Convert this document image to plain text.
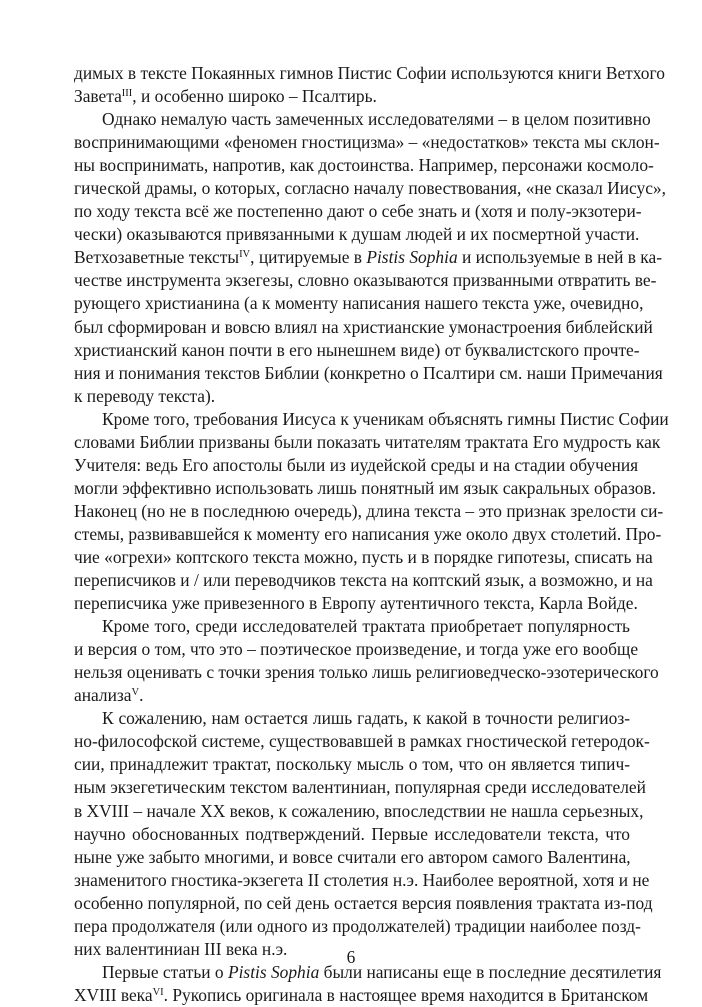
димых в тексте Покаянных гимнов Пистис Софии используются книги Ветхого
Завета$^{III}$, и особенно широко – Псалтирь.
Однако немалую часть замеченных исследователями – в целом позитивно
воспринимающими «феномен гностицизма» – «недостатков» текста мы склон-
ны воспринимать, напротив, как достоинства. Например, персонажи космоло-
гической драмы, о которых, согласно началу повествования, «не сказал Иисус»,
по ходу текста всё же постепенно дают о себе знать и (хотя и полу-экзотери-
чески) оказываются привязанными к душам людей и их посмертной участи.
Ветхозаветные тексты$^{IV}$, цитируемые в Pistis Sophia и используемые в ней в ка-
честве инструмента экзегезы, словно оказываются призванными отвратить ве-
рующего христианина (а к моменту написания нашего текста уже, очевидно,
был сформирован и вовсю влиял на христианские умонастроения библейский
христианский канон почти в его нынешнем виде) от буквалистского прочте-
ния и понимания текстов Библии (конкретно о Псалтири см. наши Примечания
к переводу текста).
Кроме того, требования Иисуса к ученикам объяснять гимны Пистис Софии
словами Библии призваны были показать читателям трактата Его мудрость как
Учителя: ведь Его апостолы были из иудейской среды и на стадии обучения
могли эффективно использовать лишь понятный им язык сакральных образов.
Наконец (но не в последнюю очередь), длина текста – это признак зрелости си-
стемы, развивавшейся к моменту его написания уже около двух столетий. Про-
чие «огрехи» коптского текста можно, пусть и в порядке гипотезы, списать на
переписчиков и / или переводчиков текста на коптский язык, а возможно, и на
переписчика уже привезенного в Европу аутентичного текста, Карла Войде.
Кроме того, среди исследователей трактата приобретает популярность
и версия о том, что это – поэтическое произведение, и тогда уже его вообще
нельзя оценивать с точки зрения только лишь религиоведческо-эзотерического
анализа$^V$.
К сожалению, нам остается лишь гадать, к какой в точности религиоз-
но-философской системе, существовавшей в рамках гностической гетеродок-
сии, принадлежит трактат, поскольку мысль о том, что он является типич-
ным экзегетическим текстом валентиниан, популярная среди исследователей
в XVIII – начале XX веков, к сожалению, впоследствии не нашла серьезных,
научно обоснованных подтверждений. Первые исследователи текста, что
ныне уже забыто многими, и вовсе считали его автором самого Валентина,
знаменитого гностика-экзегета II столетия н.э. Наиболее вероятной, хотя и не
особенно популярной, по сей день остается версия появления трактата из-под
пера продолжателя (или одного из продолжателей) традиции наиболее позд-
них валентиниан III века н.э.
Первые статьи о Pistis Sophia были написаны еще в последние десятилетия
XVIII века$^{VI}$. Рукопись оригинала в настоящее время находится в Британском
6
